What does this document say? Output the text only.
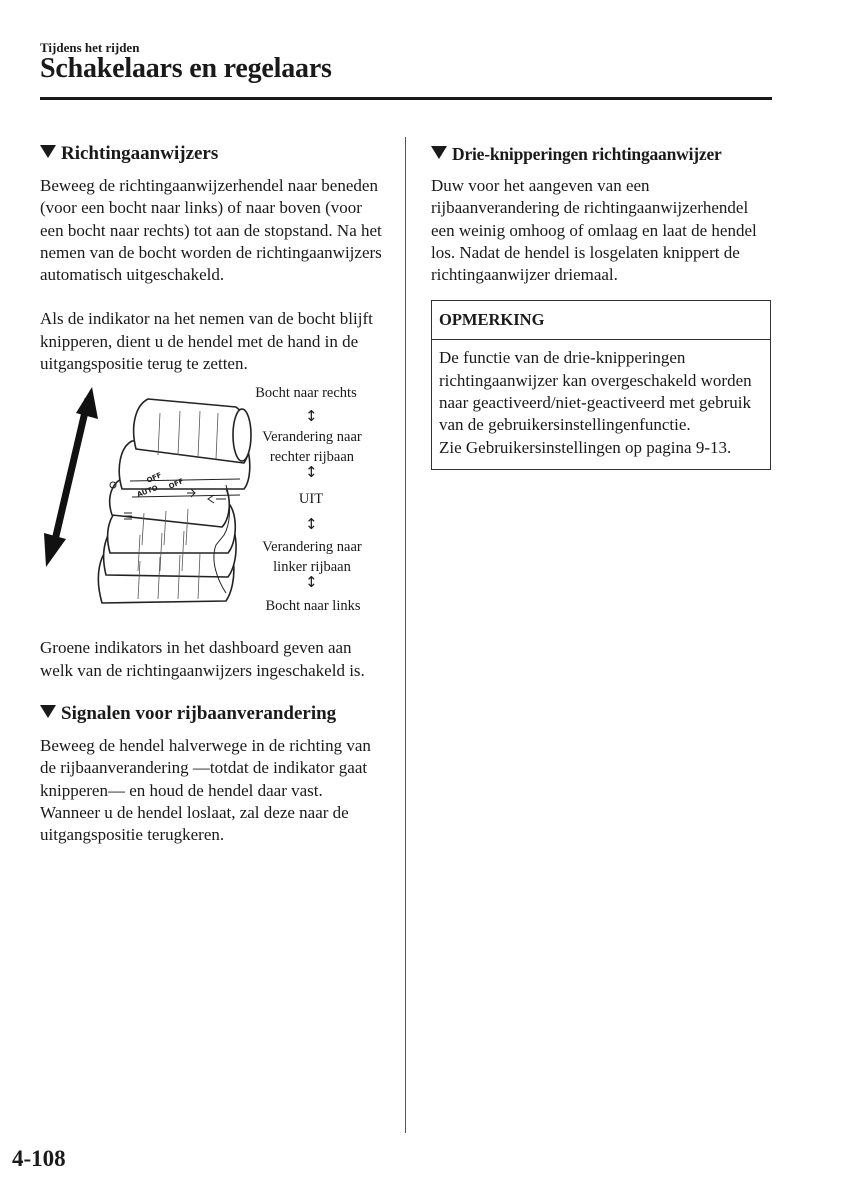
Tijdens het rijden
Schakelaars en regelaars
Richtingaanwijzers

Beweeg de richtingaanwijzerhendel naar beneden (voor een bocht naar links) of naar boven (voor een bocht naar rechts) tot aan de stopstand. Na het nemen van de bocht worden de richtingaanwijzers automatisch uitgeschakeld.

Als de indikator na het nemen van de bocht blijft knipperen, dient u de hendel met de hand in de uitgangspositie terug te zetten.

AUTO
OFF OFF
Bocht naar rechts
↕
Verandering naar
rechter rijbaan
↕
UIT
↕
Verandering naar
linker rijbaan
↕
Bocht naar links

Groene indikators in het dashboard geven aan welk van de richtingaanwijzers ingeschakeld is.

Signalen voor rijbaanverandering

Beweeg de hendel halverwege in de richting van de rijbaanverandering —totdat de indikator gaat knipperen— en houd de hendel daar vast. Wanneer u de hendel loslaat, zal deze naar de uitgangspositie terugkeren.

Drie-knipperingen richtingaanwijzer

Duw voor het aangeven van een rijbaanverandering de richtingaanwijzerhendel een weinig omhoog of omlaag en laat de hendel los. Nadat de hendel is losgelaten knippert de richtingaanwijzer driemaal.

OPMERKING
De functie van de drie-knipperingen richtingaanwijzer kan overgeschakeld worden naar geactiveerd/niet-geactiveerd met gebruik van de gebruikersinstellingenfunctie.
Zie Gebruikersinstellingen op pagina 9-13.
4-108
